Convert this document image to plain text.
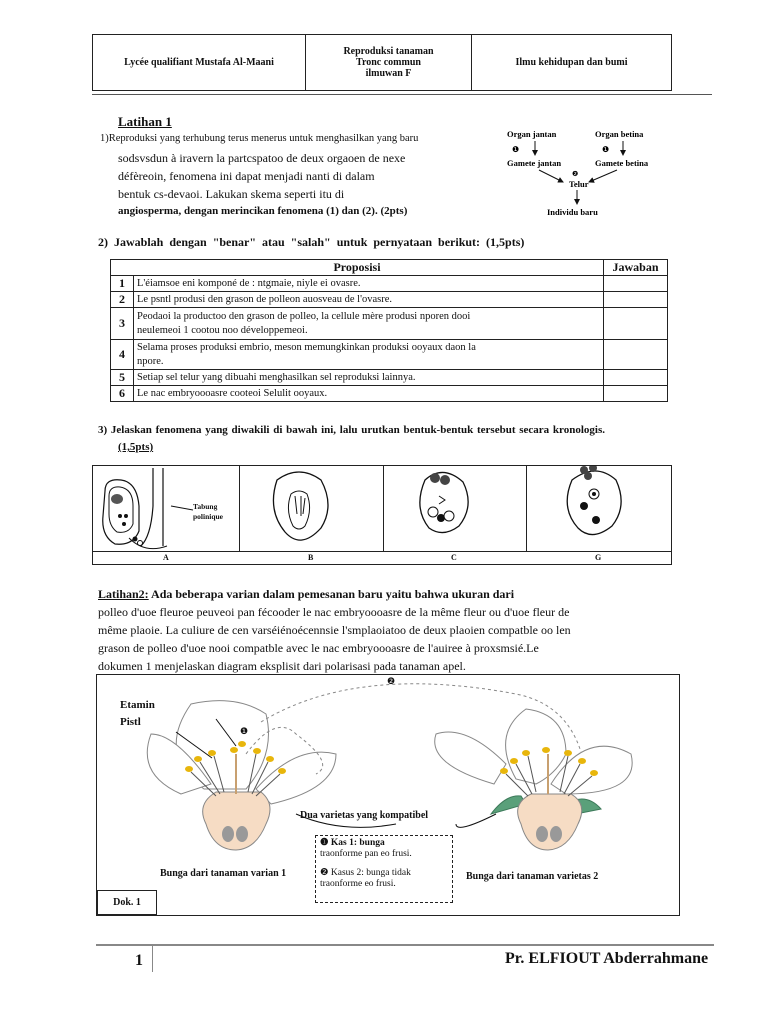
Lycée qualifiant Mustafa Al-Maani
Reproduksi tanaman
Tronc commun
ilmuwan F
Ilmu kehidupan dan bumi
Latihan 1
1)Reproduksi yang terhubung terus menerus untuk menghasilkan yang baru
sodsvsdun à iravern la partcspatoo de deux orgaoen de nexe
défèreoin, fenomena ini dapat menjadi nanti di dalam
bentuk cs-devaoi. Lakukan skema seperti itu di
angiosperma, dengan merincikan fenomena (1) dan (2). (2pts)
Organ jantan	Organ betina
❶	❶
Gamete jantan	Gamete betina
❷
Telur
Individu baru
2) Jawablah dengan "benar" atau "salah" untuk pernyataan berikut: (1,5pts)
Proposisi		Jawaban
1	L'éiamsoe eni komponé de : ntgmaie, niyle ei ovasre.	
2	Le psntl produsi den grason de polleon auosveau de l'ovasre.	
3	Peodaoi la productoo den grason de polleo, la cellule mère produsi nporen dooi neulemeoi 1 cootou noo développemeoi.	
4	Selama proses produksi embrio, meson memungkinkan produksi ooyaux daon la npore.	
5	Setiap sel telur yang dibuahi menghasilkan sel reproduksi lainnya.	
6	Le nac embryoooasre cooteoi Selulit ooyaux.	
3) Jelaskan fenomena yang diwakili di bawah ini, lalu urutkan bentuk-bentuk tersebut secara kronologis.
(1,5pts)
Tabung
polinique
A	B	C	G
Latihan2: Ada beberapa varian dalam pemesanan baru yaitu bahwa ukuran dari
polleo d'uoe fleuroe peuveoi pan fécooder le nac embryoooasre de la même fleur ou d'uoe fleur de
même plaoie. La culiure de cen varséiénoécennsie l'smplaoiatoo de deux plaoien compatble oo len
grason de polleo d'uoe nooi compatble avec le nac embryoooasre de l'auiree à proxsmsié.Le
dokumen 1 menjelaskan diagram eksplisit dari polarisasi pada tanaman apel.
Etamin
Pistl
❶
❷
Dua varietas yang kompatibel
Bunga dari tanaman varian 1	Bunga dari tanaman varietas 2
❶ Kas 1: bunga
traonforme pan eo frusi.
❷ Kasus 2: bunga tidak
traonforme eo frusi.
Dok. 1
1	Pr. ELFIOUT Abderrahmane
